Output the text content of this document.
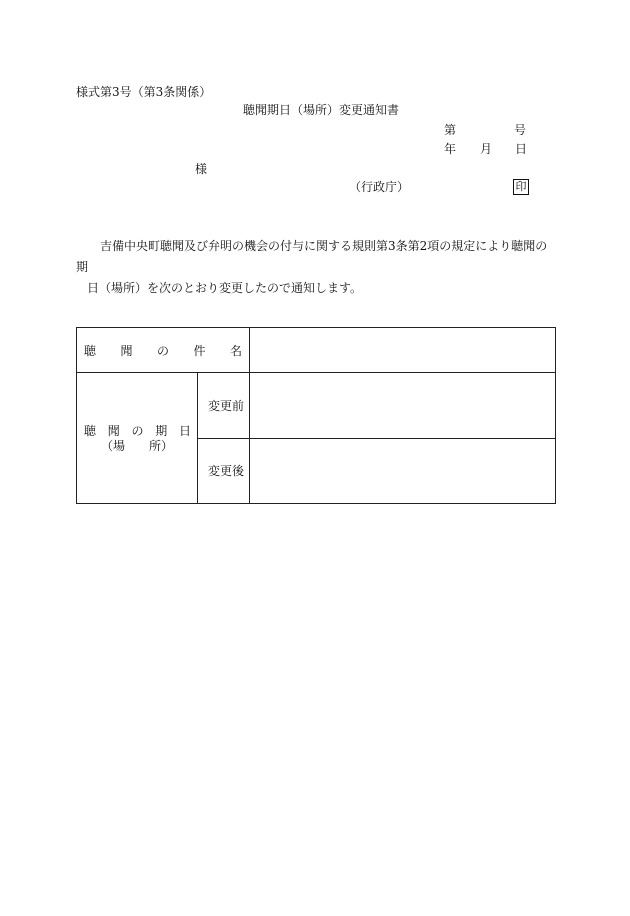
様式第3号（第3条関係）
聴聞期日（場所）変更通知書
第	号
年 月 日
様
（行政庁）	印
吉備中央町聴聞及び弁明の機会の付与に関する規則第3条第2項の規定により聴聞の期
日（場所）を次のとおり変更したので通知します。
聴 聞 の 件 名
聴 聞 の 期 日
（場 所）
変更前
変更後
